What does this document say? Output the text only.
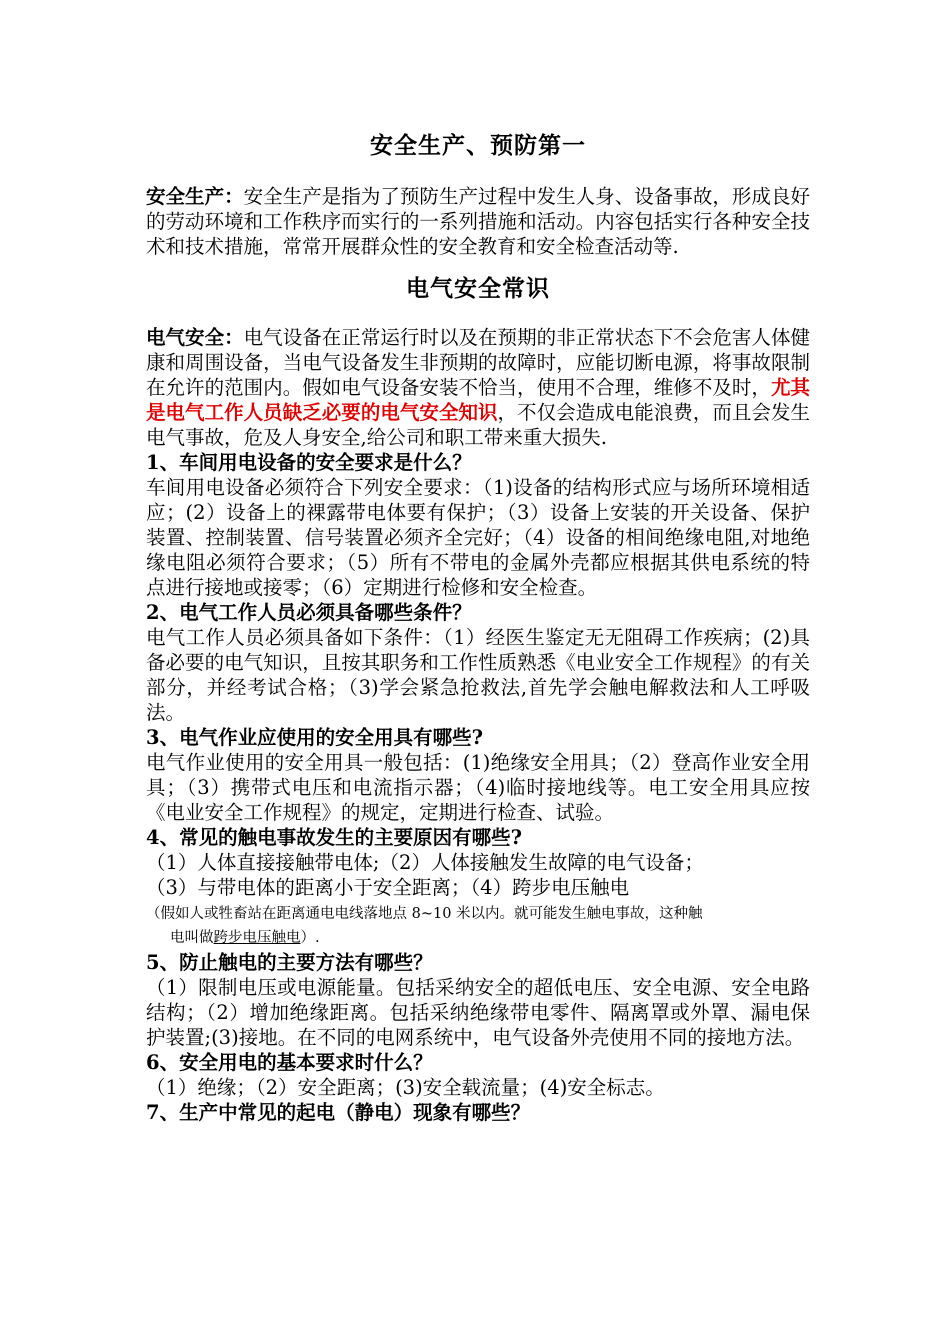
安全生产、预防第一

安全生产：安全生产是指为了预防生产过程中发生人身、设备事故，形成良好的劳动环境和工作秩序而实行的一系列措施和活动。内容包括实行各种安全技术和技术措施，常常开展群众性的安全教育和安全检查活动等.

电气安全常识

电气安全：电气设备在正常运行时以及在预期的非正常状态下不会危害人体健康和周围设备，当电气设备发生非预期的故障时，应能切断电源，将事故限制在允许的范围内。假如电气设备安装不恰当，使用不合理，维修不及时，尤其是电气工作人员缺乏必要的电气安全知识，不仅会造成电能浪费，而且会发生电气事故，危及人身安全,给公司和职工带来重大损失.

1、车间用电设备的安全要求是什么？

车间用电设备必须符合下列安全要求：（1)设备的结构形式应与场所环境相适应；(2）设备上的裸露带电体要有保护；（3）设备上安装的开关设备、保护装置、控制装置、信号装置必须齐全完好；（4）设备的相间绝缘电阻,对地绝缘电阻必须符合要求；（5）所有不带电的金属外壳都应根据其供电系统的特点进行接地或接零；（6）定期进行检修和安全检查。

2、电气工作人员必须具备哪些条件？

电气工作人员必须具备如下条件：（1）经医生鉴定无无阻碍工作疾病；(2)具备必要的电气知识，且按其职务和工作性质熟悉《电业安全工作规程》的有关部分，并经考试合格；（3)学会紧急抢救法,首先学会触电解救法和人工呼吸法。

3、电气作业应使用的安全用具有哪些?

电气作业使用的安全用具一般包括：(1)绝缘安全用具；（2）登高作业安全用具；（3）携带式电压和电流指示器；（4)临时接地线等。电工安全用具应按《电业安全工作规程》的规定，定期进行检查、试验。

4、常见的触电事故发生的主要原因有哪些?

（1）人体直接接触带电体;（2）人体接触发生故障的电气设备；

（3）与带电体的距离小于安全距离；（4）跨步电压触电

（假如人或牲畜站在距离通电电线落地点 8~10 米以内。就可能发生触电事故，这种触
电叫做跨步电压触电）.

5、防止触电的主要方法有哪些？

（1）限制电压或电源能量。包括采纳安全的超低电压、安全电源、安全电路结构；（2）增加绝缘距离。包括采纳绝缘带电零件、隔离罩或外罩、漏电保护装置;(3)接地。在不同的电网系统中，电气设备外壳使用不同的接地方法。

6、安全用电的基本要求时什么？

（1）绝缘；（2）安全距离；(3)安全载流量；(4)安全标志。

7、生产中常见的起电（静电）现象有哪些？
